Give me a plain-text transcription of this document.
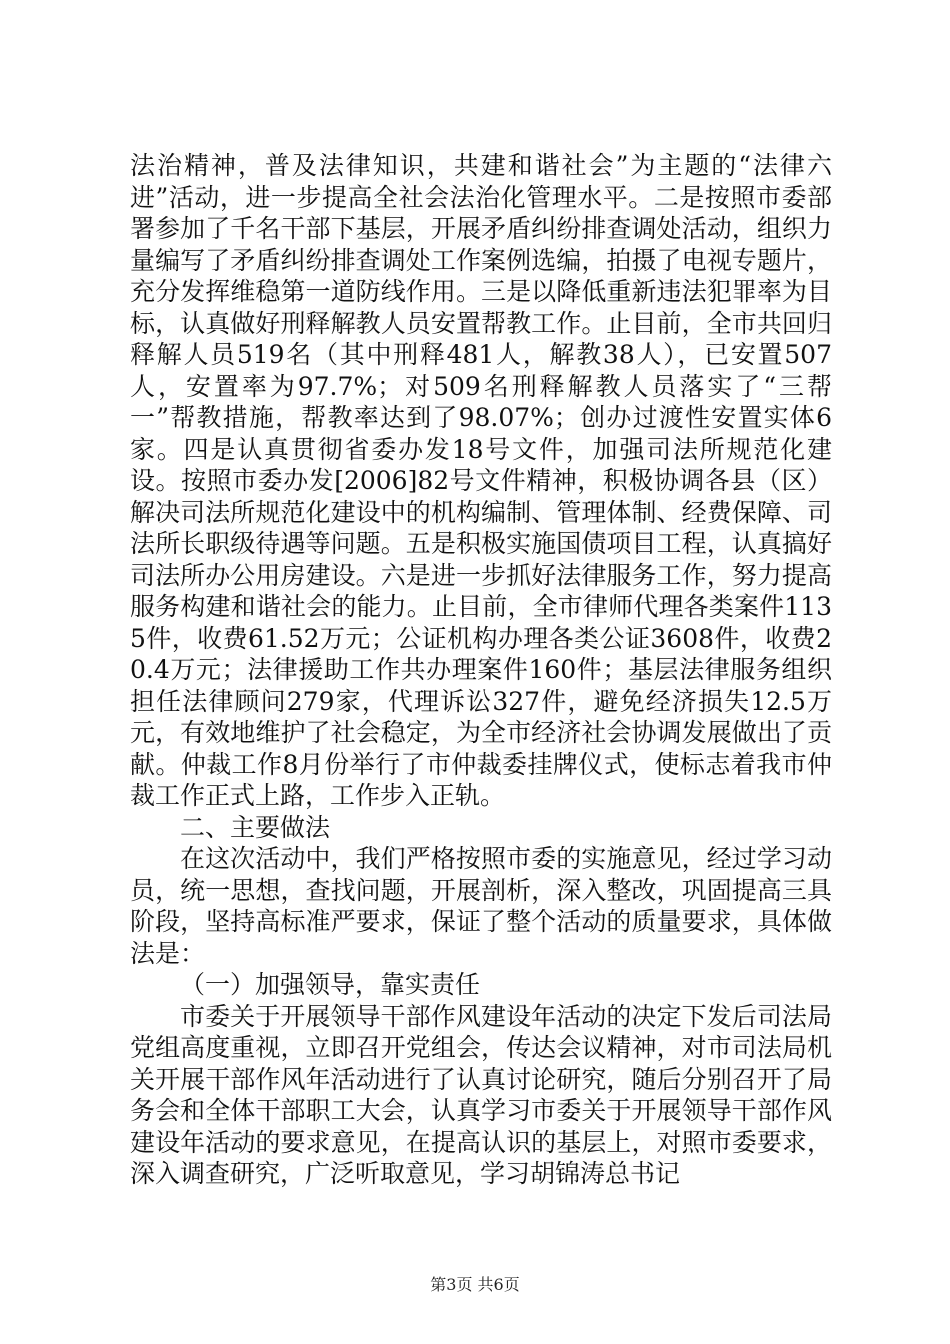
法治精神，普及法律知识，共建和谐社会”为主题的“法律六进”活动，进一步提高全社会法治化管理水平。二是按照市委部署参加了千名干部下基层，开展矛盾纠纷排查调处活动，组织力量编写了矛盾纠纷排查调处工作案例选编，拍摄了电视专题片，充分发挥维稳第一道防线作用。三是以降低重新违法犯罪率为目标，认真做好刑释解教人员安置帮教工作。止目前，全市共回归释解人员519名（其中刑释481人，解教38人），已安置507人，安置率为97.7%；对509名刑释解教人员落实了“三帮一”帮教措施，帮教率达到了98.07%；创办过渡性安置实体6家。四是认真贯彻省委办发18号文件，加强司法所规范化建设。按照市委办发[2006]82号文件精神，积极协调各县（区）解决司法所规范化建设中的机构编制、管理体制、经费保障、司法所长职级待遇等问题。五是积极实施国债项目工程，认真搞好司法所办公用房建设。六是进一步抓好法律服务工作，努力提高服务构建和谐社会的能力。止目前，全市律师代理各类案件1135件，收费61.52万元；公证机构办理各类公证3608件，收费20.4万元；法律援助工作共办理案件160件；基层法律服务组织担任法律顾问279家，代理诉讼327件，避免经济损失12.5万元，有效地维护了社会稳定，为全市经济社会协调发展做出了贡献。仲裁工作8月份举行了市仲裁委挂牌仪式，使标志着我市仲裁工作正式上路，工作步入正轨。

二、主要做法

在这次活动中，我们严格按照市委的实施意见，经过学习动员，统一思想，查找问题，开展剖析，深入整改，巩固提高三具阶段，坚持高标准严要求，保证了整个活动的质量要求，具体做法是：

（一）加强领导，靠实责任

市委关于开展领导干部作风建设年活动的决定下发后司法局党组高度重视，立即召开党组会，传达会议精神，对市司法局机关开展干部作风年活动进行了认真讨论研究，随后分别召开了局务会和全体干部职工大会，认真学习市委关于开展领导干部作风建设年活动的要求意见，在提高认识的基层上，对照市委要求，深入调查研究，广泛听取意见，学习胡锦涛总书记

第3页 共6页
